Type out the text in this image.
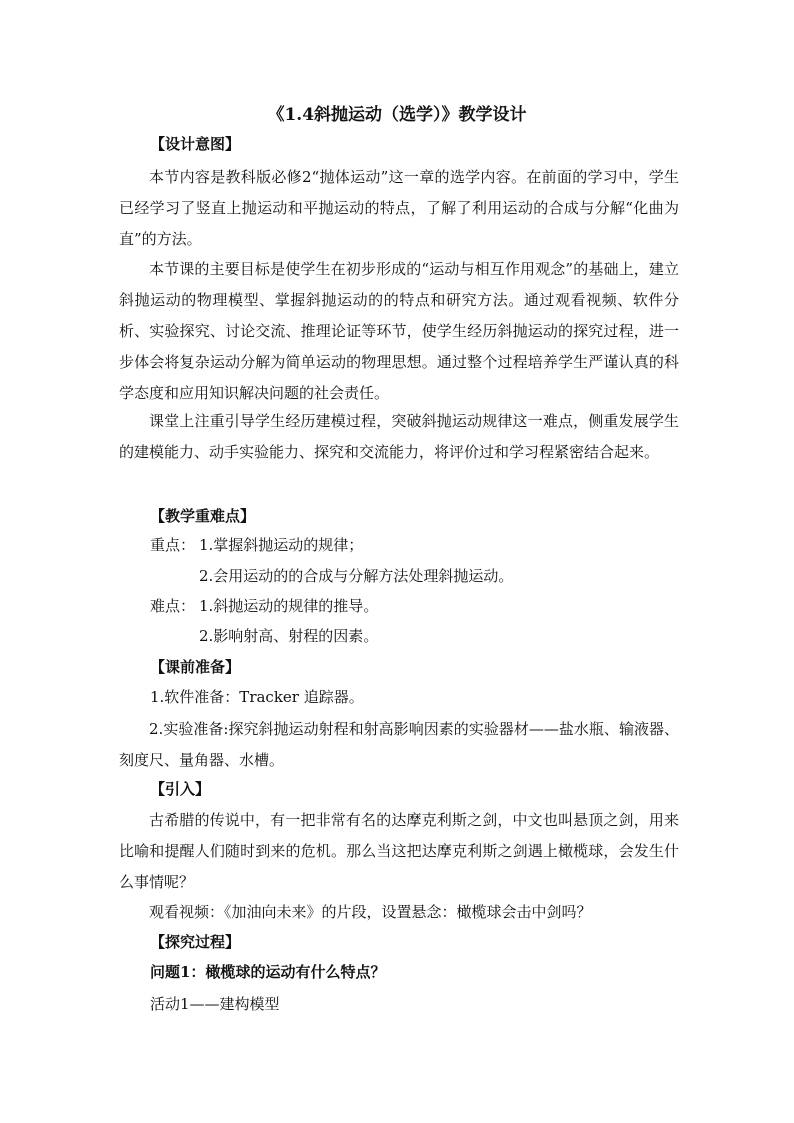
《1.4斜抛运动（选学）》教学设计
【设计意图】
本节内容是教科版必修2“抛体运动”这一章的选学内容。在前面的学习中，学生已经学习了竖直上抛运动和平抛运动的特点，了解了利用运动的合成与分解“化曲为直”的方法。
本节课的主要目标是使学生在初步形成的“运动与相互作用观念”的基础上，建立斜抛运动的物理模型、掌握斜抛运动的的特点和研究方法。通过观看视频、软件分析、实验探究、讨论交流、推理论证等环节，使学生经历斜抛运动的探究过程，进一步体会将复杂运动分解为简单运动的物理思想。通过整个过程培养学生严谨认真的科学态度和应用知识解决问题的社会责任。
课堂上注重引导学生经历建模过程，突破斜抛运动规律这一难点，侧重发展学生的建模能力、动手实验能力、探究和交流能力，将评价过和学习程紧密结合起来。
【教学重难点】
重点： 1.掌握斜抛运动的规律；
2.会用运动的的合成与分解方法处理斜抛运动。
难点： 1.斜抛运动的规律的推导。
2.影响射高、射程的因素。
【课前准备】
1.软件准备：Tracker 追踪器。
2.实验准备:探究斜抛运动射程和射高影响因素的实验器材——盐水瓶、输液器、刻度尺、量角器、水槽。
【引入】
古希腊的传说中，有一把非常有名的达摩克利斯之剑，中文也叫悬顶之剑，用来比喻和提醒人们随时到来的危机。那么当这把达摩克利斯之剑遇上橄榄球，会发生什么事情呢？
观看视频：《加油向未来》的片段，设置悬念：橄榄球会击中剑吗？
【探究过程】
问题1：橄榄球的运动有什么特点？
活动1——建构模型
